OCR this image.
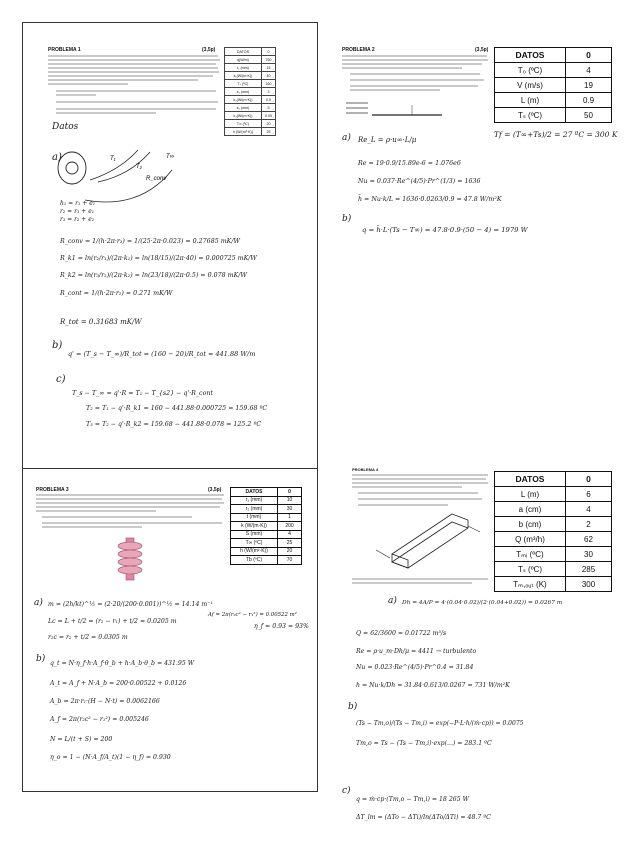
PROBLEMA 1	(3,5p)	DATOS	0
q(W/m)	760
r₁ (mm)	15
k₁(W/(m·K))	40
Tₛ (ºC)	160
e₁ (mm)	3
k₂(W/(m·K))	0.5
e₂ (mm)	5
k₃(W/(m·K))	0.05
T∞ (ºC)	20
h (W/(m²·K))	25
Datos
a)	T₁
T₂
T∞
R_conv
h₁ = r₁ + e₁
r₂ = r₁ + e₁
r₃ = r₂ + e₂
R_conv = 1/(h·2π·r₃) = 1/(25·2π·0.023) = 0.27685 mK/W
R_k1 = ln(r₂/r₁)/(2π·k₁) = ln(18/15)/(2π·40) = 0.000725 mK/W
R_k2 = ln(r₃/r₂)/(2π·k₂) = ln(23/18)/(2π·0.5) = 0.078 mK/W
R_cont = 1/(h·2π·r₂) = 0.271 mK/W
R_tot = 0.31683 mK/W
b)
q' = (T_s − T_∞)/R_tot = (160 − 20)/R_tot = 441.88 W/m
c)
T_s − T_∞ = q'·R = T₁ − T_{s2} − q'·R_cont
T₂ = T₁ − q'·R_k1 = 160 − 441.88·0.000725 = 159.68 ºC
T₃ = T₂ − q'·R_k2 = 159.68 − 441.88·0.078 = 125.2 ºC
PROBLEMA 2	(3,5p)	DATOS	0
T₀ (ºC)	4
V (m/s)	19
L (m)	0.9
Tₛ (ºC)	50
a) Re_L = ρ·u∞·L/μ
Tf = (T∞+Ts)/2 = 27 ºC = 300 K
Re = 19·0.9/15.89e-6 = 1.076e6
Nu = 0.037·Re^(4/5)·Pr^(1/3) = 1636
h̄ = Nu·k/L = 1636·0.0263/0.9 = 47.8 W/m²K
b)
q = h̄·L·(Ts − T∞) = 47.8·0.9·(50 − 4) = 1979 W
PROBLEMA 3	(3,5p)	DATOS	0
r₁ (mm)	10
r₂ (mm)	30
t (mm)	1
k (W/(m·K))	200
S (mm)	4
T∞ (ºC)	25
h (W/(m²·K))	20
Tb (ºC)	70
a) m = (2h/kt)^½ = (2·20/(200·0.001))^½ = 14.14 m⁻¹
Lc = L + t/2 = (r₂ − r₁) + t/2 = 0.0205 m
r₂c = r₂ + t/2 = 0.0305 m
Af = 2π(r₂c² − r₁²) = 0.00522 m²
η_f = 0.93 = 93%
b) q_t = N·η_f·h·A_f·θ_b + h·A_b·θ_b = 431.95 W
A_t = A_f + N·A_b = 200·0.00522 + 0.0126
A_b = 2π·r₁·(H − N·t) = 0.0062166
A_f = 2π(r₂c² − r₁²) = 0.005246
N = L/(t + S) = 200
η_o = 1 − (N·A_f/A_t)(1 − η_f) = 0.930
PROBLEMA 4
DATOS	0
L (m)	6
a (cm)	4
b (cm)	2
Q (m³/h)	62
Tₘᵢ (ºC)	30
Tₛ (ºC)	285
Tₘ,ₒᵤₜ (K)	300
a) Dh = 4A/P = 4·(0.04·0.02)/(2·(0.04+0.02)) = 0.0267 m
Q = 62/3600 = 0.01722 m³/s
Re = ρ·u_m·Dh/μ = 4411 → turbulento
Nu = 0.023·Re^(4/5)·Pr^0.4 = 31.84
h = Nu·k/Dh = 31.84·0.613/0.0267 = 731 W/m²K
b)
(Ts − Tm,o)/(Ts − Tm,i) = exp(−P·L·h/(ṁ·cp)) = 0.0075
Tm,o = Ts − (Ts − Tm,i)·exp(...) = 283.1 ºC
c)
q = ṁ·cp·(Tm,o − Tm,i) = 18 265 W
ΔT_lm = (ΔTo − ΔTi)/ln(ΔTo/ΔTi) = 48.7 ºC
